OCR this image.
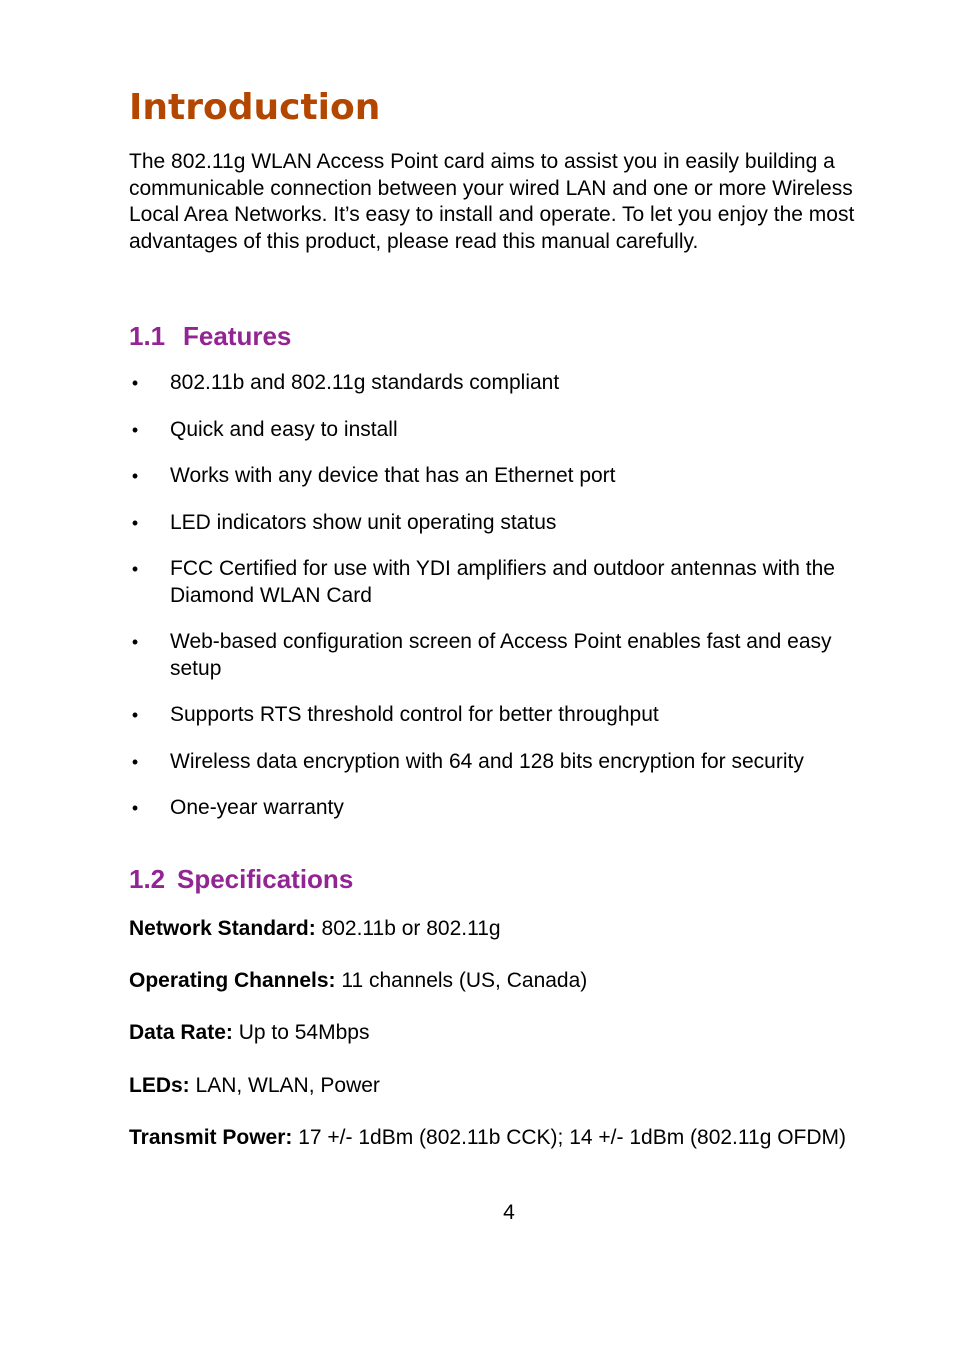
Introduction

The 802.11g WLAN Access Point card aims to assist you in easily building a communicable connection between your wired LAN and one or more Wireless Local Area Networks. It’s easy to install and operate. To let you enjoy the most advantages of this product, please read this manual carefully.

1.1 Features
• 802.11b and 802.11g standards compliant
• Quick and easy to install
• Works with any device that has an Ethernet port
• LED indicators show unit operating status
• FCC Certified for use with YDI amplifiers and outdoor antennas with the Diamond WLAN Card
• Web-based configuration screen of Access Point enables fast and easy setup
• Supports RTS threshold control for better throughput
• Wireless data encryption with 64 and 128 bits encryption for security
• One-year warranty
1.2 Specifications

Network Standard: 802.11b or 802.11g

Operating Channels: 11 channels (US, Canada)

Data Rate: Up to 54Mbps

LEDs: LAN, WLAN, Power

Transmit Power: 17 +/- 1dBm (802.11b CCK); 14 +/- 1dBm (802.11g OFDM)

4
